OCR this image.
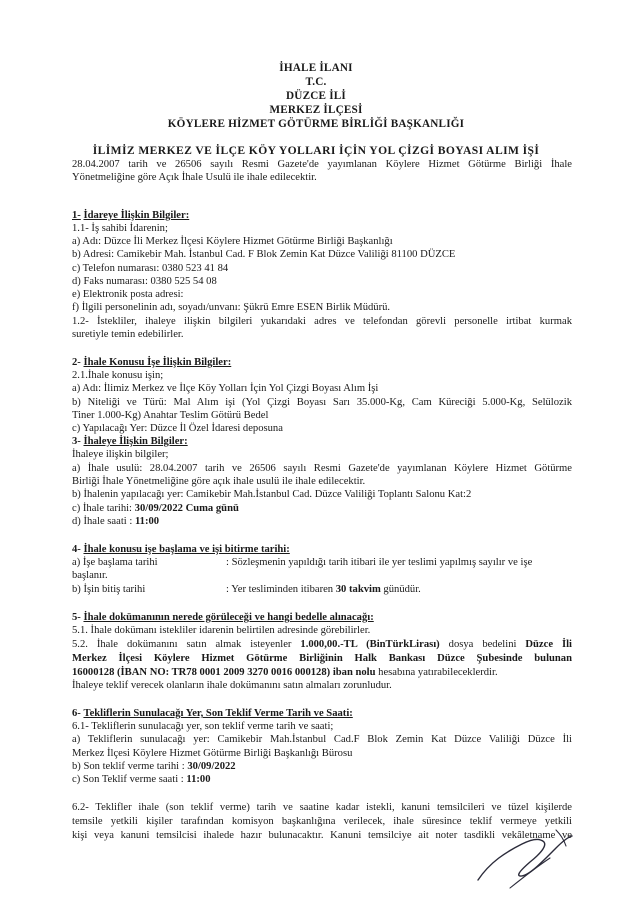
İHALE İLANI
T.C.
DÜZCE İLİ
MERKEZ İLÇESİ
KÖYLERE HİZMET GÖTÜRME BİRLİĞİ BAŞKANLIĞI
İLİMİZ MERKEZ VE İLÇE KÖY YOLLARI İÇİN YOL ÇİZGİ BOYASI ALIM İŞİ
28.04.2007 tarih ve 26506 sayılı Resmi Gazete'de yayımlanan Köylere Hizmet Götürme Birliği İhale
Yönetmeliğine göre Açık İhale Usulü ile ihale edilecektir.
1- İdareye İlişkin Bilgiler:
1.1- İş sahibi İdarenin;
a) Adı: Düzce İli Merkez İlçesi Köylere Hizmet Götürme Birliği Başkanlığı
b) Adresi: Camikebir Mah. İstanbul Cad. F Blok Zemin Kat Düzce Valiliği 81100 DÜZCE
c) Telefon numarası: 0380 523 41 84
d) Faks numarası: 0380 525 54 08
e) Elektronik posta adresi:
f) İlgili personelinin adı, soyadı/unvanı: Şükrü Emre ESEN Birlik Müdürü.
1.2- İstekliler, ihaleye ilişkin bilgileri yukarıdaki adres ve telefondan görevli personelle irtibat kurmak
suretiyle temin edebilirler.
2- İhale Konusu İşe İlişkin Bilgiler:
2.1.İhale konusu işin;
a) Adı: İlimiz Merkez ve İlçe Köy Yolları İçin Yol Çizgi Boyası Alım İşi
b) Niteliği ve Türü: Mal Alım işi (Yol Çizgi Boyası Sarı 35.000-Kg, Cam Küreciği 5.000-Kg, Selülozik
Tiner 1.000-Kg) Anahtar Teslim Götürü Bedel
c) Yapılacağı Yer: Düzce İl Özel İdaresi deposuna
3- İhaleye İlişkin Bilgiler:
İhaleye ilişkin bilgiler;
a) İhale usulü: 28.04.2007 tarih ve 26506 sayılı Resmi Gazete'de yayımlanan Köylere Hizmet Götürme
Birliği İhale Yönetmeliğine göre açık ihale usulü ile ihale edilecektir.
b) İhalenin yapılacağı yer: Camikebir Mah.İstanbul Cad. Düzce Valiliği Toplantı Salonu Kat:2
c) İhale tarihi: 30/09/2022 Cuma günü
d) İhale saati : 11:00
4- İhale konusu işe başlama ve işi bitirme tarihi:
a) İşe başlama tarihi	: Sözleşmenin yapıldığı tarih itibari ile yer teslimi yapılmış sayılır ve işe
başlanır.
b) İşin bitiş tarihi	: Yer tesliminden itibaren 30 takvim günüdür.
5- İhale dokümanının nerede görüleceği ve hangi bedelle alınacağı:
5.1. İhale dokümanı istekliler idarenin belirtilen adresinde görebilirler.
5.2. İhale dokümanını satın almak isteyenler 1.000,00.-TL (BinTürkLirası) dosya bedelini Düzce İli
Merkez İlçesi Köylere Hizmet Götürme Birliğinin Halk Bankası Düzce Şubesinde bulunan
16000128 (İBAN NO: TR78 0001 2009 3270 0016 000128) iban nolu hesabına yatırabileceklerdir.
İhaleye teklif verecek olanların ihale dokümanını satın almaları zorunludur.
6- Tekliflerin Sunulacağı Yer, Son Teklif Verme Tarih ve Saati:
6.1- Tekliflerin sunulacağı yer, son teklif verme tarih ve saati;
a) Tekliflerin sunulacağı yer: Camikebir Mah.İstanbul Cad.F Blok Zemin Kat Düzce Valiliği Düzce İli
Merkez İlçesi Köylere Hizmet Götürme Birliği Başkanlığı Bürosu
b) Son teklif verme tarihi : 30/09/2022
c) Son Teklif verme saati : 11:00
6.2- Teklifler ihale (son teklif verme) tarih ve saatine kadar istekli, kanuni temsilcileri ve tüzel kişilerde
temsile yetkili kişiler tarafından komisyon başkanlığına verilecek, ihale süresince teklif vermeye yetkili
kişi veya kanuni temsilcisi ihalede hazır bulunacaktır. Kanuni temsilciye ait noter tasdikli vekâletname ve
